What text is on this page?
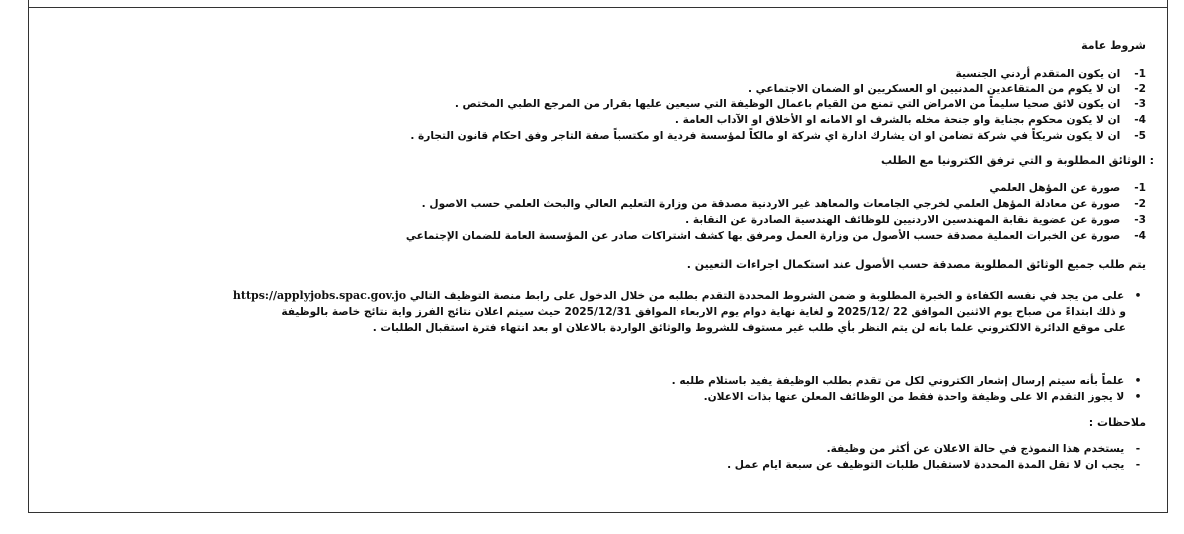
شروط عامة
1- ان يكون المتقدم أردني الجنسية
2- ان لا يكوم من المتقاعدين المدنيين او العسكريين او الضمان الاجتماعي .
3- ان يكون لائق صحيا سليماً من الامراض التي تمنع من القيام باعمال الوظيفة التي سيعين عليها بقرار من المرجع الطبي المختص .
4- ان لا يكون محكوم بجناية واو جنحة مخله بالشرف او الامانه او الأخلاق او الآداب العامة .
5- ان لا يكون شريكاً في شركة تضامن او ان يشارك ادارة اي شركة او مالكاً لمؤسسة فردية او مكتسباً صفة التاجر وفق احكام قانون التجارة .
: الوثائق المطلوبة و التي ترفق الكترونيا مع الطلب
1- صورة عن المؤهل العلمي
2- صورة عن معادلة المؤهل العلمي لخرجي الجامعات والمعاهد غير الاردنية مصدقة من وزارة التعليم العالي والبحث العلمي حسب الاصول .
3- صورة عن عضوية نقابة المهندسين الاردنيين للوظائف الهندسية الصادرة عن النقابة .
4- صورة عن الخبرات العملية مصدقة حسب الأصول من وزارة العمل ومرفق بها كشف اشتراكات صادر عن المؤسسة العامة للضمان الإجتماعي
يتم طلب جميع الوثائق المطلوبة مصدقة حسب الأصول عند استكمال اجراءات التعيين .
• على من يجد في نفسه الكفاءة و الخبرة المطلوبة و ضمن الشروط المحددة التقدم بطلبه من خلال الدخول على رابط منصة التوظيف التالي https://applyjobs.spac.gov.jo
و ذلك ابتداءً من صباح يوم الاثنين الموافق 22 /2025/12 و لغاية نهاية دوام يوم الاربعاء الموافق 2025/12/31 حيث سيتم اعلان نتائج الفرز واية نتائج خاصة بالوظيفة
على موقع الدائرة الالكتروني علما بانه لن يتم النظر بأي طلب غير مستوف للشروط والوثائق الواردة بالاعلان او بعد انتهاء فترة استقبال الطلبات .
• علماً بأنه سيتم إرسال إشعار الكتروني لكل من تقدم بطلب الوظيفة يفيد باستلام طلبه .
• لا يجوز التقدم الا على وظيفة واحدة فقط من الوظائف المعلن عنها بذات الاعلان.
ملاحظات :
- يستخدم هذا النموذج في حالة الاعلان عن أكثر من وظيفة.
- يجب ان لا تقل المدة المحددة لاستقبال طلبات التوظيف عن سبعة ايام عمل .
